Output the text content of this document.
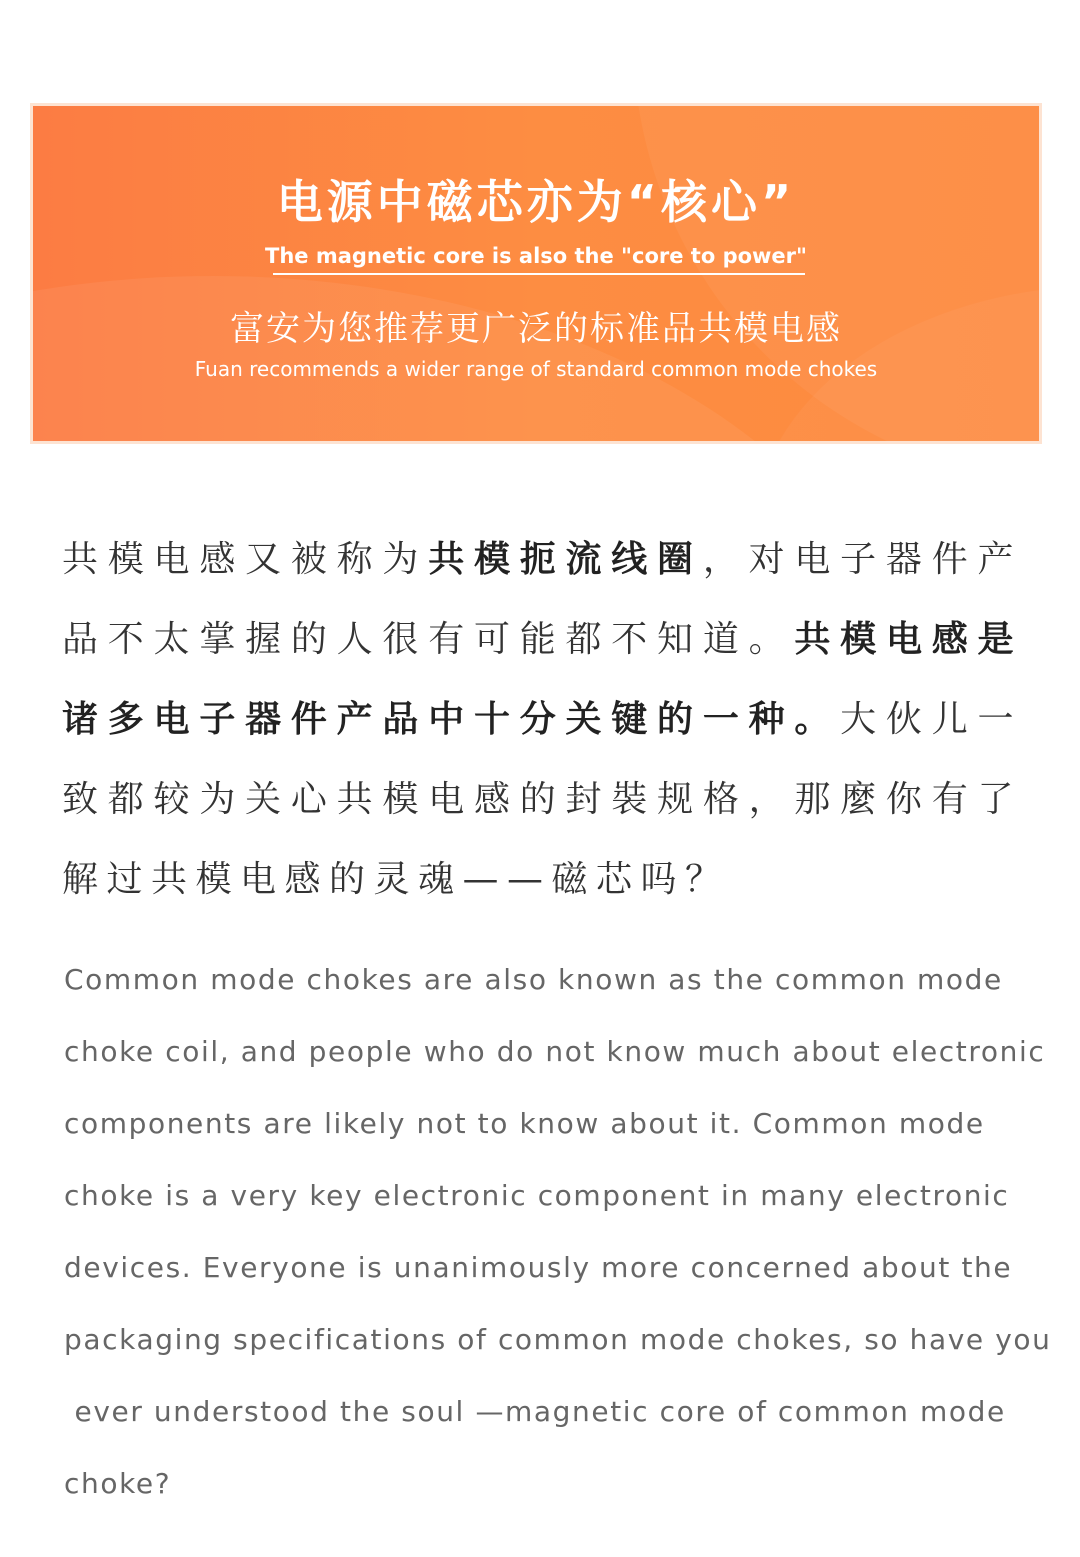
电源中磁芯亦为“核心”
The magnetic core is also the "core to power"
富安为您推荐更广泛的标准品共模电感
Fuan recommends a wider range of standard common mode chokes
共模电感又被称为共模扼流线圈，对电子器件产品不太掌握的人很有可能都不知道。共模电感是诸多电子器件产品中十分关键的一种。大伙儿一致都较为关心共模电感的封裝规格，那麼你有了解过共模电感的灵魂——磁芯吗？
Common mode chokes are also known as the common mode
choke coil, and people who do not know much about electronic
components are likely not to know about it. Common mode
choke is a very key electronic component in many electronic
devices. Everyone is unanimously more concerned about the
packaging specifications of common mode chokes, so have you
ever understood the soul —magnetic core of common mode
choke?
